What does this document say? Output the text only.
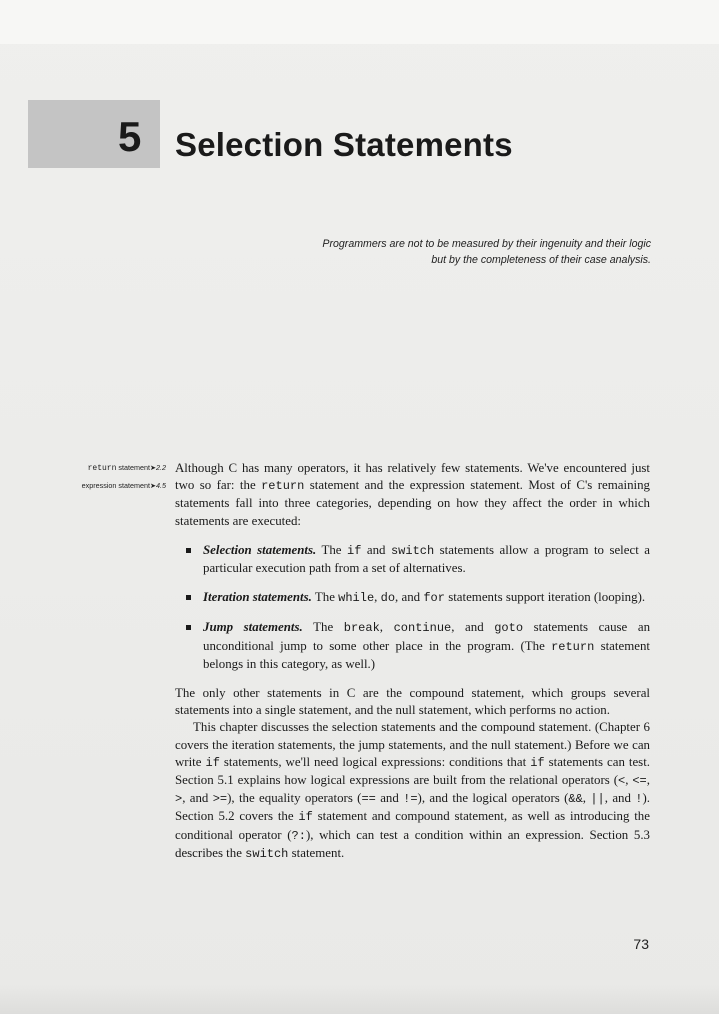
5 Selection Statements
Programmers are not to be measured by their ingenuity and their logic but by the completeness of their case analysis.
return statement➤2.2
expression statement➤4.5

Although C has many operators, it has relatively few statements. We've encountered just two so far: the return statement and the expression statement. Most of C's remaining statements fall into three categories, depending on how they affect the order in which statements are executed:

Selection statements. The if and switch statements allow a program to select a particular execution path from a set of alternatives.
Iteration statements. The while, do, and for statements support iteration (looping).
Jump statements. The break, continue, and goto statements cause an unconditional jump to some other place in the program. (The return statement belongs in this category, as well.)

The only other statements in C are the compound statement, which groups several statements into a single statement, and the null statement, which performs no action.

This chapter discusses the selection statements and the compound statement. (Chapter 6 covers the iteration statements, the jump statements, and the null statement.) Before we can write if statements, we'll need logical expressions: conditions that if statements can test. Section 5.1 explains how logical expressions are built from the relational operators (<, <=, >, and >=), the equality operators (== and !=), and the logical operators (&&, ||, and !). Section 5.2 covers the if statement and compound statement, as well as introducing the conditional operator (?:), which can test a condition within an expression. Section 5.3 describes the switch statement.

73
